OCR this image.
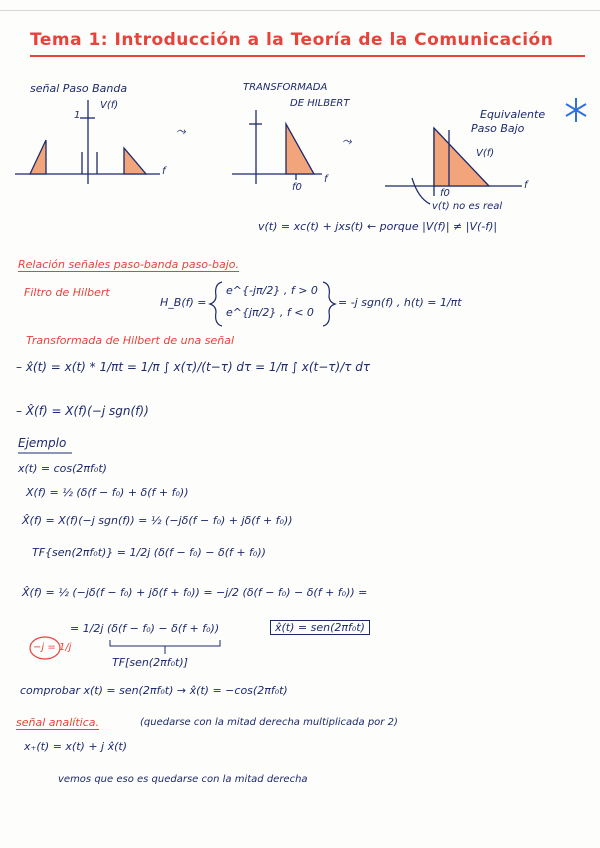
Tema 1: Introducción a la Teoría de la Comunicación
señal Paso Banda
V(f)
1
f
⤳
TRANSFORMADA
DE HILBERT
f0
f
⤳
Equivalente
Paso Bajo
V(f)
f0
f
v(t) no es real
v(t) = xc(t) + jxs(t) ← porque |V(f)| ≠ |V(-f)|
Relación señales paso-banda paso-bajo.
Filtro de Hilbert
H_B(f) =
e^{-jπ/2} , f > 0
e^{jπ/2} , f < 0
= -j sgn(f) , h(t) = 1/πt
Transformada de Hilbert de una señal
– x̂(t) = x(t) * 1/πt = 1/π ∫ x(τ)/(t−τ) dτ = 1/π ∫ x(t−τ)/τ dτ
– X̂(f) = X(f)(−j sgn(f))
Ejemplo
x(t) = cos(2πf₀t)
X(f) = ½ (δ(f − f₀) + δ(f + f₀))
X̂(f) = X(f)(−j sgn(f)) = ½ (−jδ(f − f₀) + jδ(f + f₀))
TF{sen(2πf₀t)} = 1/2j (δ(f − f₀) − δ(f + f₀))
X̂(f) = ½ (−jδ(f − f₀) + jδ(f + f₀)) = −j/2 (δ(f − f₀) − δ(f + f₀)) =
= 1/2j (δ(f − f₀) − δ(f + f₀))	x̂(t) = sen(2πf₀t)
TF[sen(2πf₀t)]
−j = 1/j
comprobar x(t) = sen(2πf₀t) → x̂(t) = −cos(2πf₀t)
señal analítica.	(quedarse con la mitad derecha multiplicada por 2)
x₊(t) = x(t) + j x̂(t)
vemos que eso es quedarse con la mitad derecha
